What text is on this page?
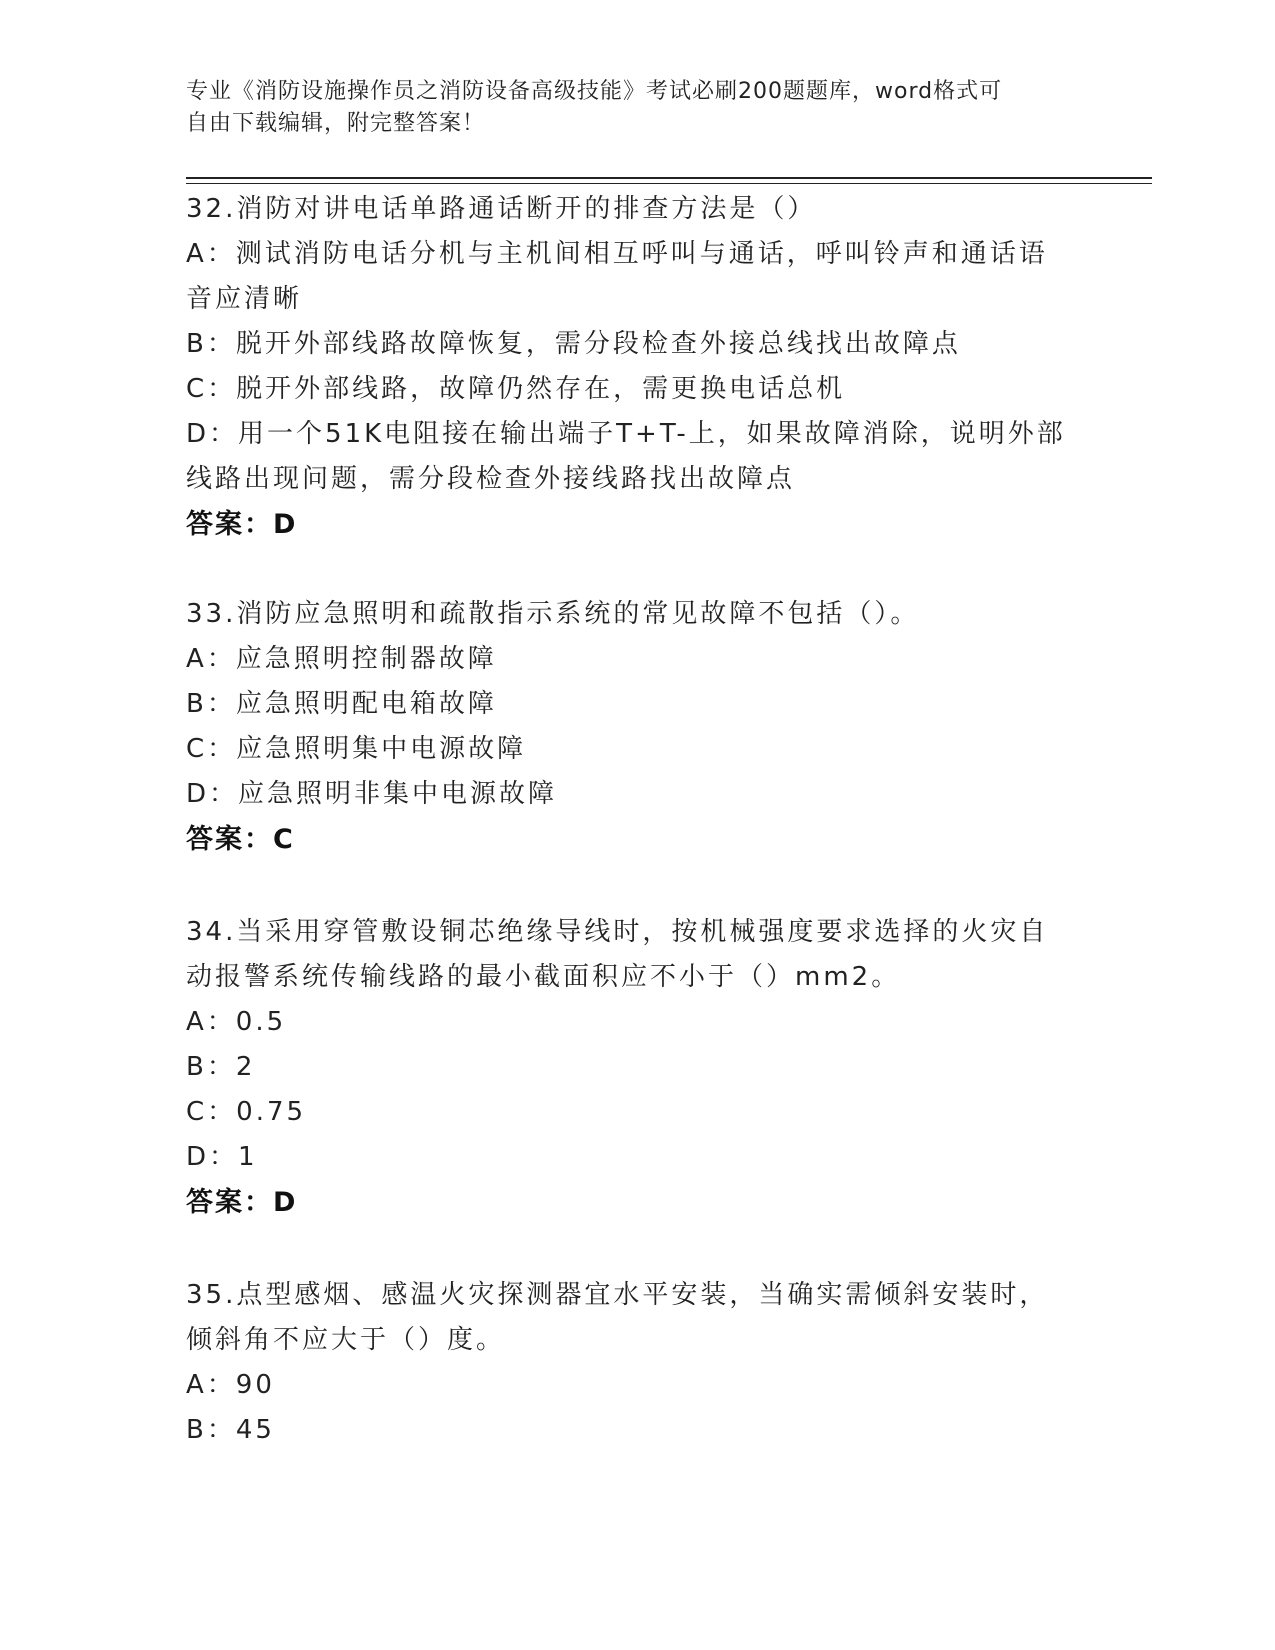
专业《消防设施操作员之消防设备高级技能》考试必刷200题题库，word格式可
自由下载编辑，附完整答案！
32.消防对讲电话单路通话断开的排查方法是（）
A：测试消防电话分机与主机间相互呼叫与通话，呼叫铃声和通话语音应清晰
B：脱开外部线路故障恢复，需分段检查外接总线找出故障点
C：脱开外部线路，故障仍然存在，需更换电话总机
D：用一个51K电阻接在输出端子T+T-上，如果故障消除，说明外部线路出现问题，需分段检查外接线路找出故障点
答案：D
33.消防应急照明和疏散指示系统的常见故障不包括（）。
A：应急照明控制器故障
B：应急照明配电箱故障
C：应急照明集中电源故障
D：应急照明非集中电源故障
答案：C
34.当采用穿管敷设铜芯绝缘导线时，按机械强度要求选择的火灾自动报警系统传输线路的最小截面积应不小于（）mm2。
A：0.5
B：2
C：0.75
D：1
答案：D
35.点型感烟、感温火灾探测器宜水平安装，当确实需倾斜安装时，倾斜角不应大于（）度。
A：90
B：45
